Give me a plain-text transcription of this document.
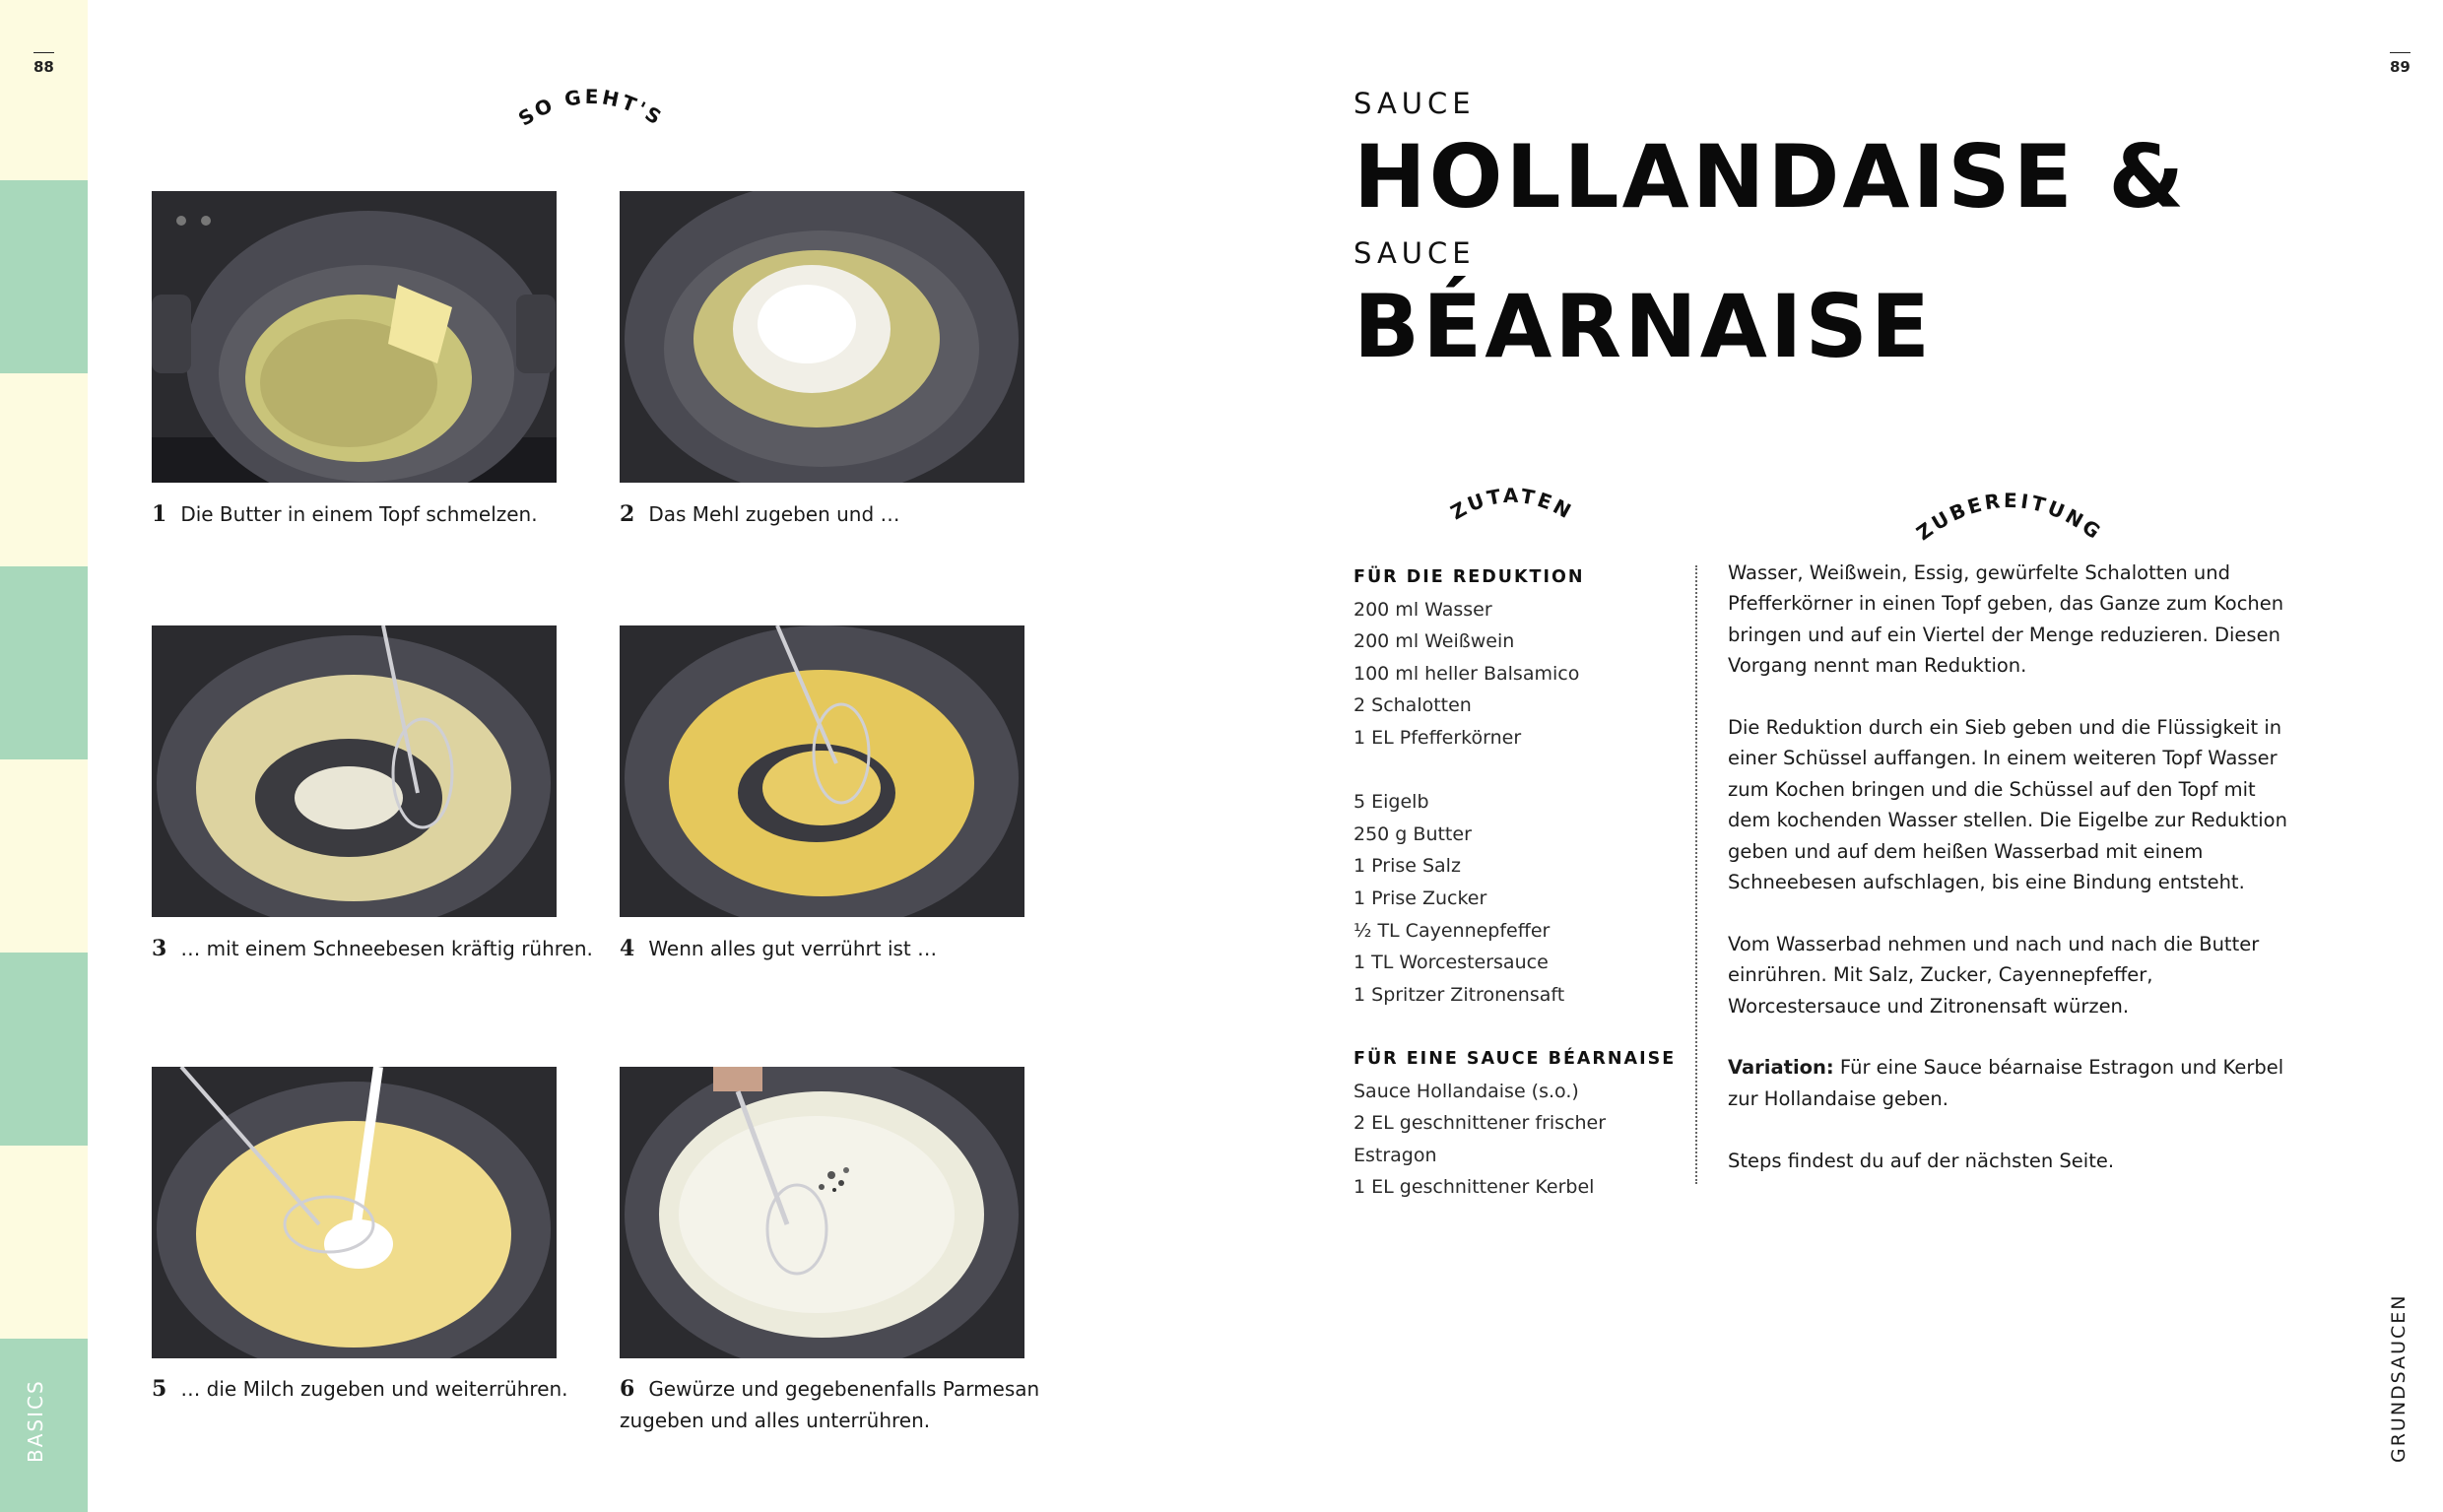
BASICS
88	89
GRUNDSAUCEN
SO GEHT'S
1 Die Butter in einem Topf schmelzen.	2 Das Mehl zugeben und …
3 … mit einem Schneebesen kräftig rühren. 4 Wenn alles gut verrührt ist …
5 … die Milch zugeben und weiterrühren. 6 Gewürze und gegebenenfalls Parmesan
zugeben und alles unterrühren.
SAUCE
HOLLANDAISE &
SAUCE
BÉARNAISE
ZUTATEN
ZUBEREITUNG
FÜR DIE REDUKTION
200 ml Wasser
200 ml Weißwein
100 ml heller Balsamico
2 Schalotten
1 EL Pfefferkörner
5 Eigelb
250 g Butter
1 Prise Salz
1 Prise Zucker
½ TL Cayennepfeffer
1 TL Worcestersauce
1 Spritzer Zitronensaft
FÜR EINE SAUCE BÉARNAISE
Sauce Hollandaise (s.o.)
2 EL geschnittener frischer Estragon
1 EL geschnittener Kerbel

Wasser, Weißwein, Essig, gewürfelte Schalotten und Pfefferkörner in einen Topf geben, das Ganze zum Kochen bringen und auf ein Viertel der Menge reduzieren. Diesen Vorgang nennt man Reduktion.

Die Reduktion durch ein Sieb geben und die Flüssigkeit in einer Schüssel auffangen. In einem weiteren Topf Wasser zum Kochen bringen und die Schüssel auf den Topf mit dem kochenden Wasser stellen. Die Eigelbe zur Reduktion geben und auf dem heißen Wasserbad mit einem Schneebesen aufschlagen, bis eine Bindung entsteht.

Vom Wasserbad nehmen und nach und nach die Butter einrühren. Mit Salz, Zucker, Cayennepfeffer, Worcestersauce und Zitronensaft würzen.

Variation: Für eine Sauce béarnaise Estragon und Kerbel zur Hollandaise geben.

Steps findest du auf der nächsten Seite.
